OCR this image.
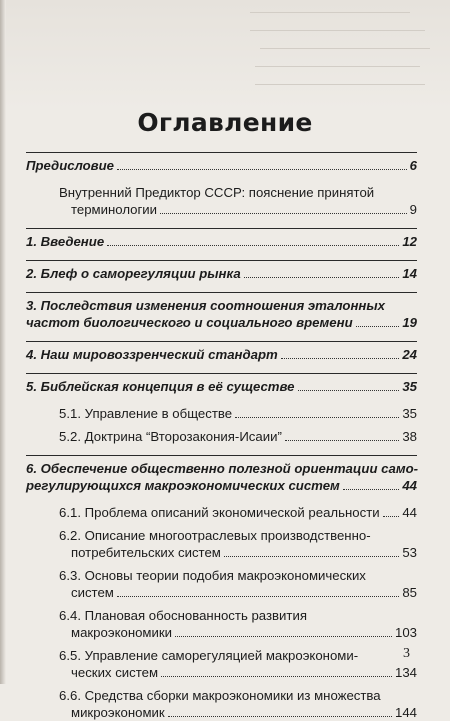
Оглавление
Предисловие	6
Внутренний Предиктор СССР: пояснение принятой
терминологии	9
1. Введение	12
2. Блеф о саморегуляции рынка	14
3. Последствия изменения соотношения эталонных
частот биологического и социального времени	19
4. Наш мировоззренческий стандарт	24
5. Библейская концепция в её существе	35
5.1. Управление в обществе	35
5.2. Доктрина “Второзакония-Исаии”	38
6. Обеспечение общественно полезной ориентации само-
регулирующихся макроэкономических систем	44
6.1. Проблема описаний экономической реальности 44
6.2. Описание многоотраслевых производственно-
потребительских систем	53
6.3. Основы теории подобия макроэкономических
систем	85
6.4. Плановая обоснованность развития
макроэкономики	103
6.5. Управление саморегуляцией макроэкономи-
ческих систем	134
6.6. Средства сборки макроэкономики из множества
микроэкономик	144
3
